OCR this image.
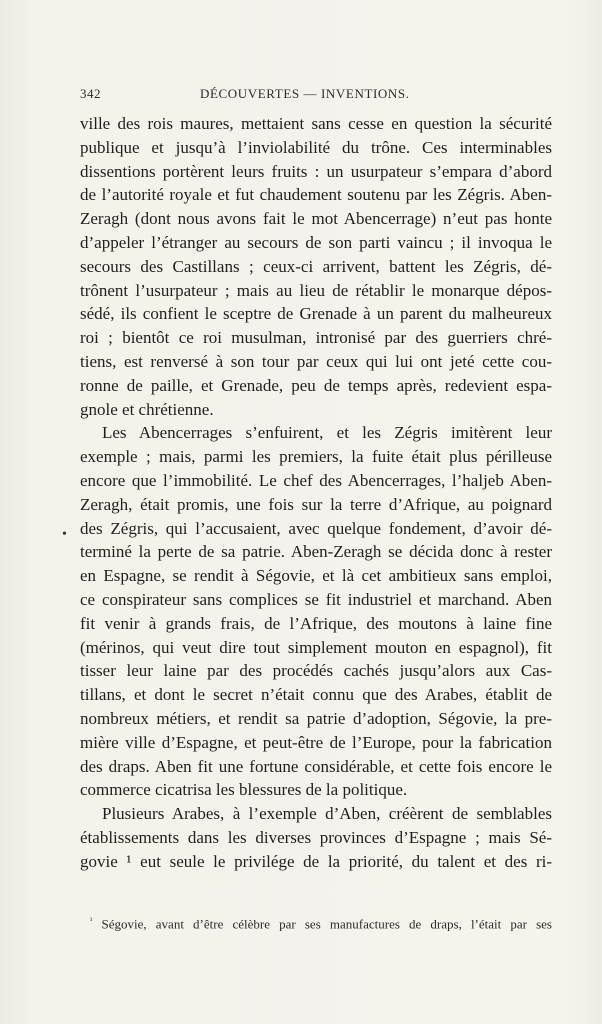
342	DÉCOUVERTES — INVENTIONS.
•
ville des rois maures, mettaient sans cesse en question la sécurité
publique et jusqu’à l’inviolabilité du trône. Ces interminables
dissentions portèrent leurs fruits : un usurpateur s’empara d’abord
de l’autorité royale et fut chaudement soutenu par les Zégris. Aben-
Zeragh (dont nous avons fait le mot Abencerrage) n’eut pas honte
d’appeler l’étranger au secours de son parti vaincu ; il invoqua le
secours des Castillans ; ceux-ci arrivent, battent les Zégris, dé-
trônent l’usurpateur ; mais au lieu de rétablir le monarque dépos-
sédé, ils confient le sceptre de Grenade à un parent du malheureux
roi ; bientôt ce roi musulman, intronisé par des guerriers chré-
tiens, est renversé à son tour par ceux qui lui ont jeté cette cou-
ronne de paille, et Grenade, peu de temps après, redevient espa-
gnole et chrétienne.
Les Abencerrages s’enfuirent, et les Zégris imitèrent leur
exemple ; mais, parmi les premiers, la fuite était plus périlleuse
encore que l’immobilité. Le chef des Abencerrages, l’haljeb Aben-
Zeragh, était promis, une fois sur la terre d’Afrique, au poignard
des Zégris, qui l’accusaient, avec quelque fondement, d’avoir dé-
terminé la perte de sa patrie. Aben-Zeragh se décida donc à rester
en Espagne, se rendit à Ségovie, et là cet ambitieux sans emploi,
ce conspirateur sans complices se fit industriel et marchand. Aben
fit venir à grands frais, de l’Afrique, des moutons à laine fine
(mérinos, qui veut dire tout simplement mouton en espagnol), fit
tisser leur laine par des procédés cachés jusqu’alors aux Cas-
tillans, et dont le secret n’était connu que des Arabes, établit de
nombreux métiers, et rendit sa patrie d’adoption, Ségovie, la pre-
mière ville d’Espagne, et peut-être de l’Europe, pour la fabrication
des draps. Aben fit une fortune considérable, et cette fois encore le
commerce cicatrisa les blessures de la politique.
Plusieurs Arabes, à l’exemple d’Aben, créèrent de semblables
établissements dans les diverses provinces d’Espagne ; mais Sé-
govie ¹ eut seule le privilége de la priorité, du talent et des ri-
$^{^1}$ Ségovie, avant d’être célèbre par ses manufactures de draps, l’était par ses
